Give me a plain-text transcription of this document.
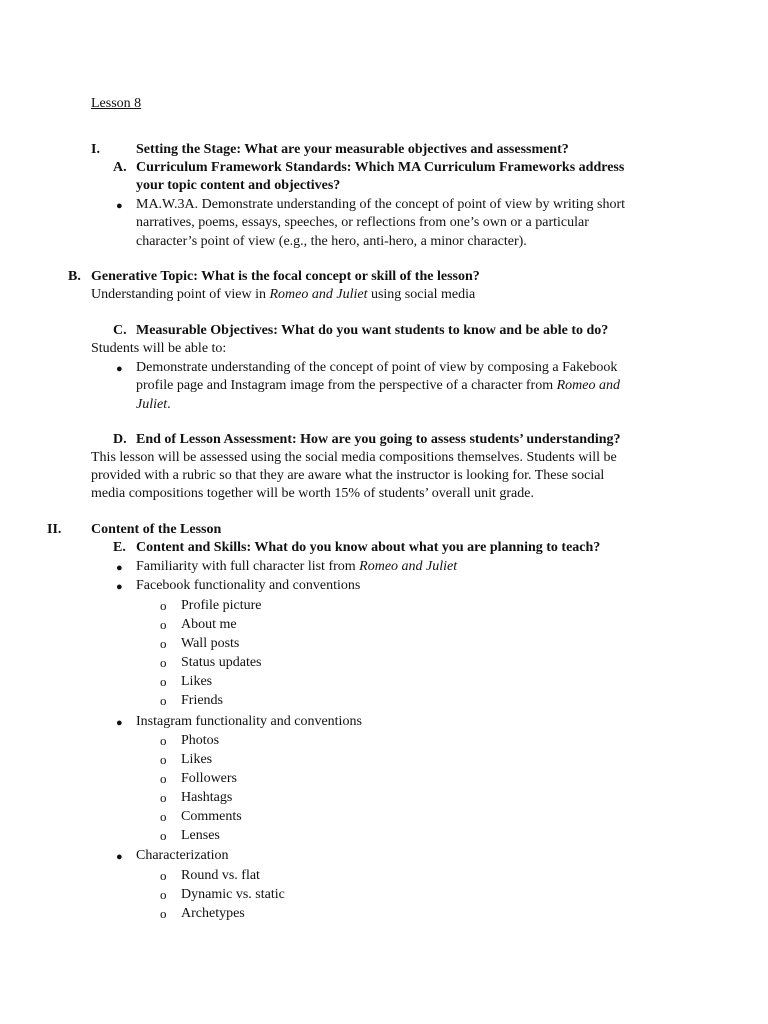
Lesson 8
I.	Setting the Stage: What are your measurable objectives and assessment?
A. Curriculum Framework Standards: Which MA Curriculum Frameworks address
your topic content and objectives?
● MA.W.3A. Demonstrate understanding of the concept of point of view by writing short
narratives, poems, essays, speeches, or reflections from one’s own or a particular
character’s point of view (e.g., the hero, anti-hero, a minor character).
B. Generative Topic: What is the focal concept or skill of the lesson?
Understanding point of view in Romeo and Juliet using social media
C. Measurable Objectives: What do you want students to know and be able to do?
Students will be able to:
● Demonstrate understanding of the concept of point of view by composing a Fakebook
profile page and Instagram image from the perspective of a character from Romeo and
Juliet.
D. End of Lesson Assessment: How are you going to assess students’ understanding?
This lesson will be assessed using the social media compositions themselves. Students will be
provided with a rubric so that they are aware what the instructor is looking for. These social
media compositions together will be worth 15% of students’ overall unit grade.
II. Content of the Lesson
E. Content and Skills: What do you know about what you are planning to teach?
● Familiarity with full character list from Romeo and Juliet
● Facebook functionality and conventions
o Profile picture
o About me
o Wall posts
o Status updates
o Likes
o Friends
● Instagram functionality and conventions
o Photos
o Likes
o Followers
o Hashtags
o Comments
o Lenses
● Characterization
o Round vs. flat
o Dynamic vs. static
o Archetypes
